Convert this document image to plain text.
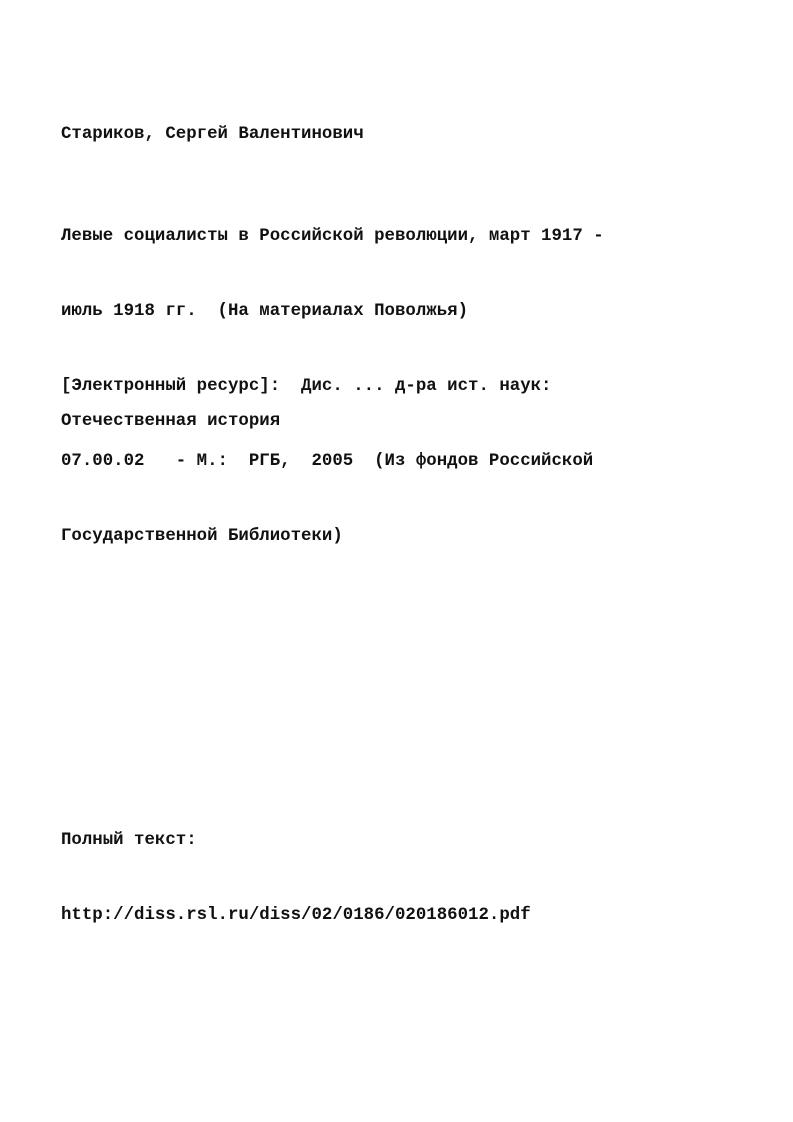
Стариков, Сергей Валентинович

Левые социалисты в Российской революции, март 1917 -

июль 1918 гг.  (На материалах Поволжья)

[Электронный ресурс]:  Дис. ... д-ра ист. наук:

07.00.02   - М.:  РГБ,  2005  (Из фондов Российской

Государственной Библиотеки)

Отечественная история

Полный текст:

http://diss.rsl.ru/diss/02/0186/020186012.pdf
